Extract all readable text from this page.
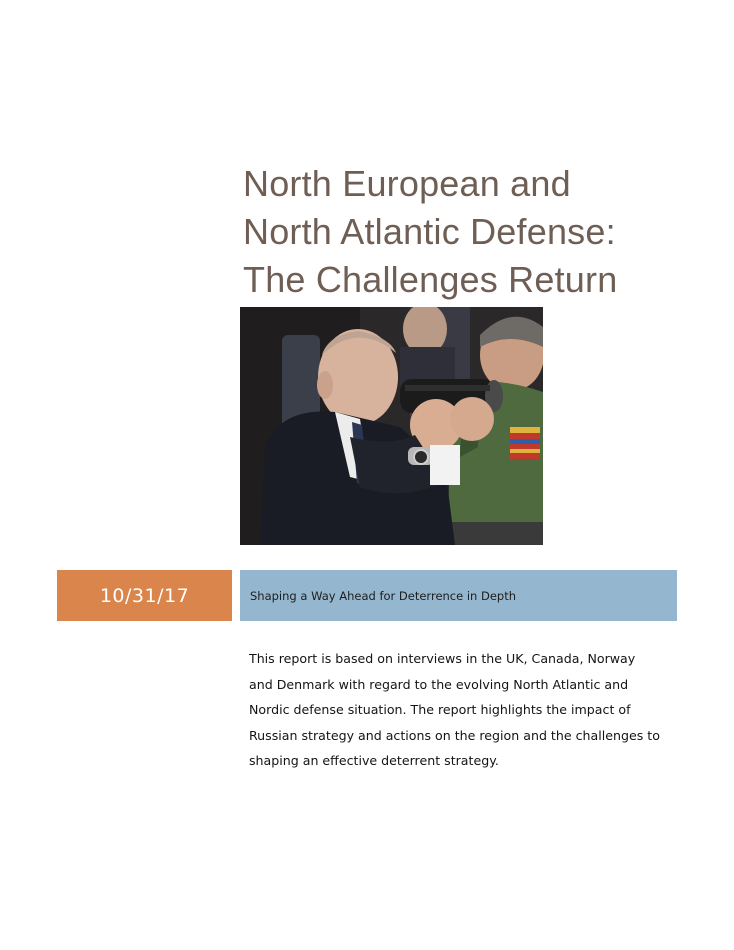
North European and
North Atlantic Defense:
The Challenges Return
10/31/17	Shaping a Way Ahead for Deterrence in Depth

This report is based on interviews in the UK, Canada, Norway
and Denmark with regard to the evolving North Atlantic and
Nordic defense situation. The report highlights the impact of
Russian strategy and actions on the region and the challenges to
shaping an effective deterrent strategy.
